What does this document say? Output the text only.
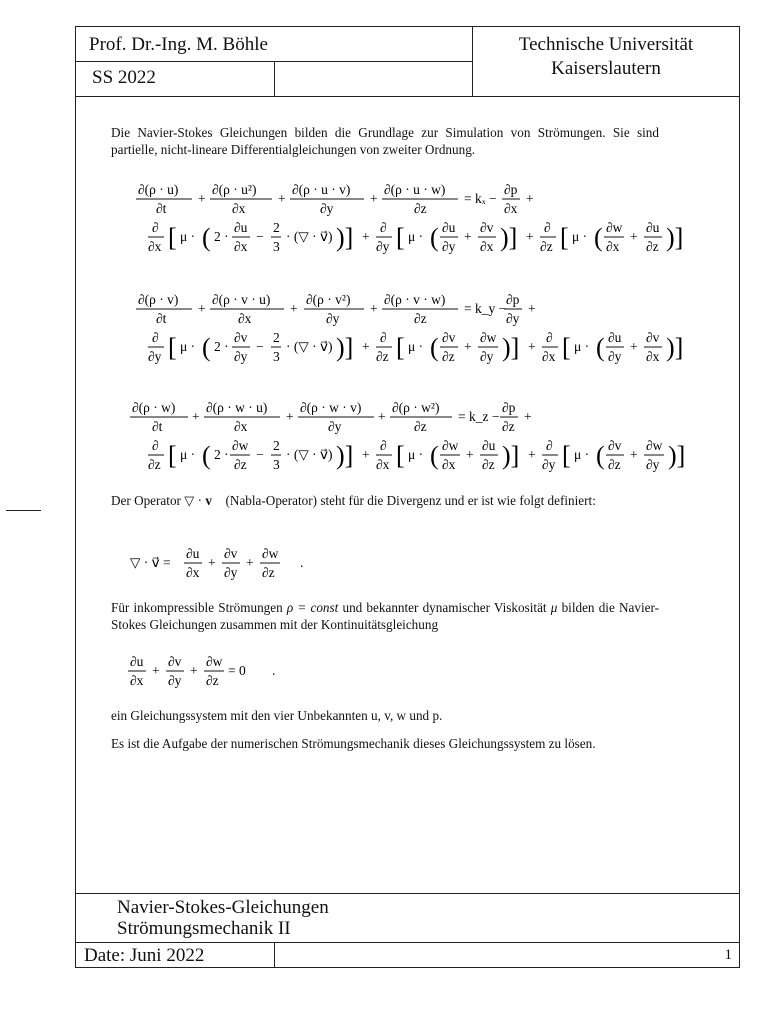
Prof. Dr.-Ing. M. Böhle
SS 2022
Technische Universität
Kaiserslautern
Die Navier-Stokes Gleichungen bilden die Grundlage zur Simulation von Strömungen. Sie sind partielle, nicht-lineare Differentialgleichungen von zweiter Ordnung.
∂(ρ · u)
∂t
+
∂(ρ · u²)
∂x
+
∂(ρ · u · v)
∂y
+
∂(ρ · u · w)
∂z
= kₓ −
∂p
∂x
+
∂
∂x [ μ · ( 2 ·
∂u
∂x
−
2
3
· (▽ · v⃗) )] +
∂
∂y [ μ · ( ∂u
∂y
+
∂v
∂x )] +
∂
∂z [ μ · ( ∂w
∂x
+
∂u
∂z )]
∂(ρ · v)
∂t
+
∂(ρ · v · u)
∂x
+
∂(ρ · v²)
∂y
+
∂(ρ · v · w)
∂z
= k_y −
∂p
∂y
+
∂
∂y [ μ · ( 2 ·
∂v
∂y
−
2
3
· (▽ · v⃗) )] +
∂
∂z [ μ · ( ∂v
∂z
+
∂w
∂y )] +
∂
∂x [ μ · ( ∂u
∂y
+
∂v
∂x )]
∂(ρ · w)
∂t
+
∂(ρ · w · u)
∂x
+
∂(ρ · w · v)
∂y
+
∂(ρ · w²)
∂z
= k_z −
∂p
∂z
+
∂
∂z [ μ · ( 2 ·
∂w
∂z
−
2
3
· (▽ · v⃗) )] +
∂
∂x [ μ · ( ∂w
∂x
+
∂u
∂z )] +
∂
∂y [ μ · ( ∂v
∂z
+
∂w
∂y )]
Der Operator ▽ · v⃗ (Nabla-Operator) steht für die Divergenz und er ist wie folgt definiert:
▽ · v⃗ =
∂u
∂x
+
∂v
∂y
+
∂w
∂z
.
Für inkompressible Strömungen ρ = const und bekannter dynamischer Viskosität μ bilden die Navier-Stokes Gleichungen zusammen mit der Kontinuitätsgleichung
∂u
∂x
+
∂v
∂y
+
∂w
∂z
= 0 .
ein Gleichungssystem mit den vier Unbekannten u, v, w und p.
Es ist die Aufgabe der numerischen Strömungsmechanik dieses Gleichungssystem zu lösen.
Navier-Stokes-Gleichungen
Strömungsmechanik II
Date: Juni 2022	1
